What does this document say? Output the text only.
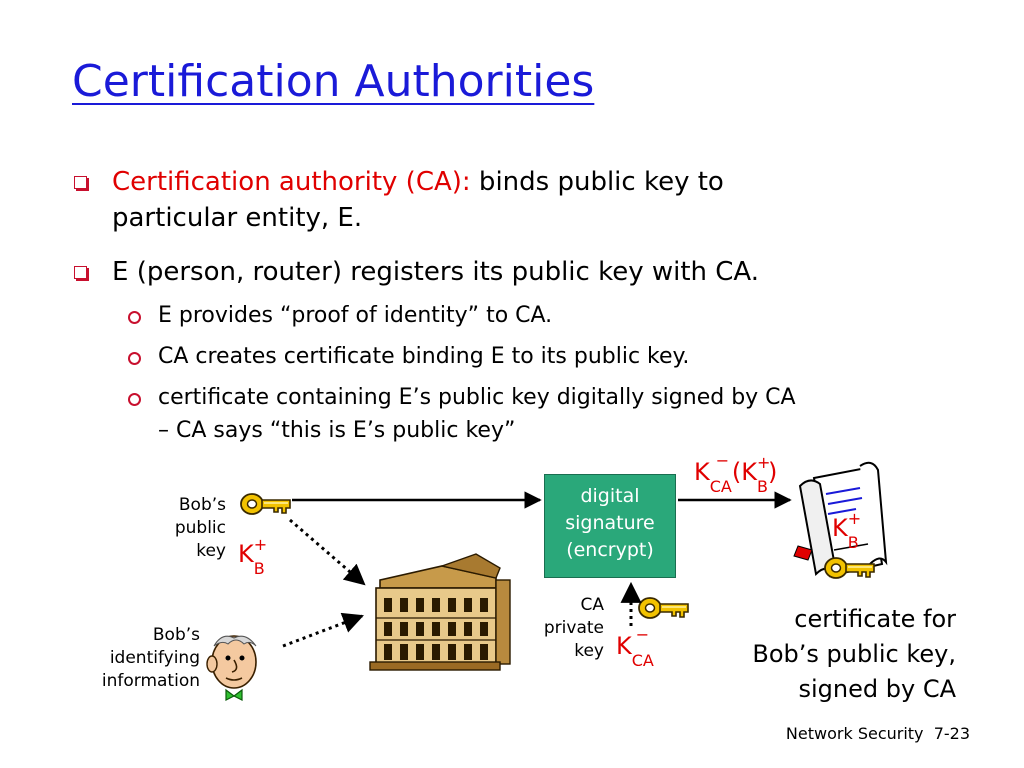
Certification Authorities
Certification authority (CA): binds public key to
particular entity, E.
E (person, router) registers its public key with CA.
E provides “proof of identity” to CA.
CA creates certificate binding E to its public key.
certificate containing E’s public key digitally signed by CA
– CA says “this is E’s public key”
Bob’s
public
key K +
$_B$
Bob’s
identifying
information
digital
signature
(encrypt)
CA
private
key K −
$_{CA}$
K −
$_{CA}$(K +
$_B$)
K +
$_B$
certificate for
Bob’s public key,
signed by CA
Network Security 7-23
